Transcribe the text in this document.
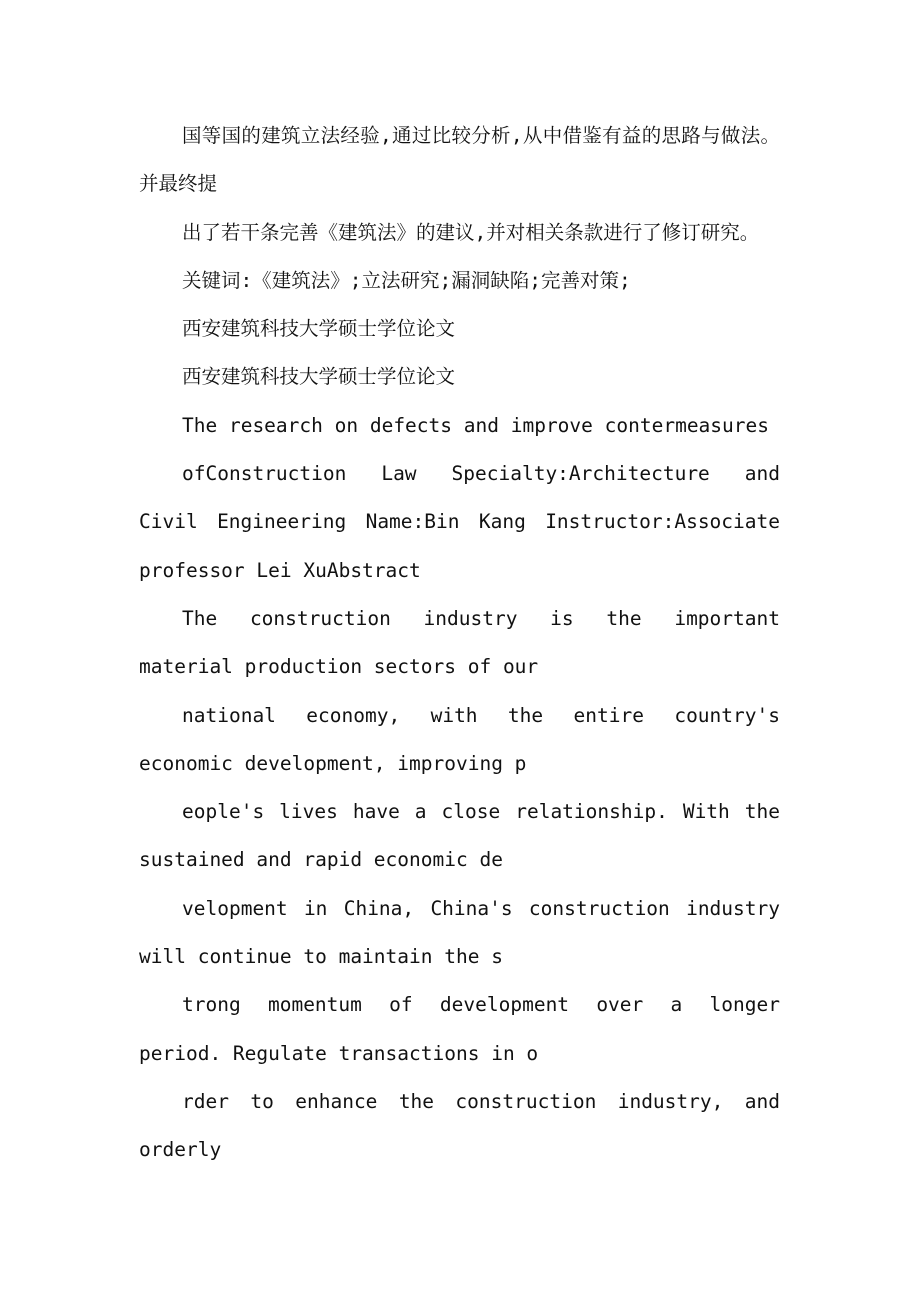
国等国的建筑立法经验,通过比较分析,从中借鉴有益的思路与做法。并最终提

出了若干条完善《建筑法》的建议,并对相关条款进行了修订研究。

关键词:《建筑法》;立法研究;漏洞缺陷;完善对策;

西安建筑科技大学硕士学位论文

西安建筑科技大学硕士学位论文

The research on defects and improve contermeasures

ofConstruction Law Specialty:Architecture and Civil Engineering Name:Bin Kang Instructor:Associate professor Lei XuAbstract

The construction industry is the important material production sectors of our

national economy, with the entire country's economic development, improving p

eople's lives have a close relationship. With the sustained and rapid economic de

velopment in China, China's construction industry will continue to maintain the s

trong momentum of development over a longer period. Regulate transactions in o

rder to enhance the construction industry, and orderly
